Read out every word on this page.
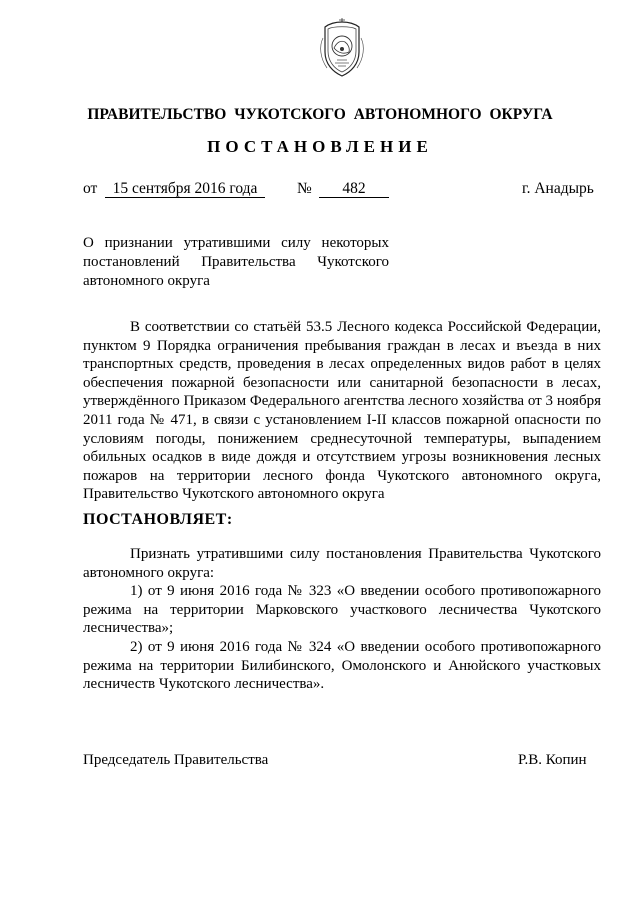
ПРАВИТЕЛЬСТВО ЧУКОТСКОГО АВТОНОМНОГО ОКРУГА
ПОСТАНОВЛЕНИЕ
от 15 сентября 2016 года	№	482	г. Анадырь
О признании утратившими силу некоторых постановлений Правительства Чукотского автономного округа
В соответствии со статьёй 53.5 Лесного кодекса Российской Федерации, пунктом 9 Порядка ограничения пребывания граждан в лесах и въезда в них транспортных средств, проведения в лесах определенных видов работ в целях обеспечения пожарной безопасности или санитарной безопасности в лесах, утверждённого Приказом Федерального агентства лесного хозяйства от 3 ноября 2011 года № 471, в связи с установлением I-II классов пожарной опасности по условиям погоды, понижением среднесуточной температуры, выпадением обильных осадков в виде дождя и отсутствием угрозы возникновения лесных пожаров на территории лесного фонда Чукотского автономного округа, Правительство Чукотского автономного округа
ПОСТАНОВЛЯЕТ:

Признать утратившими силу постановления Правительства Чукотского автономного округа:

1) от 9 июня 2016 года № 323 «О введении особого противопожарного режима на территории Марковского участкового лесничества Чукотского лесничества»;

2) от 9 июня 2016 года № 324 «О введении особого противопожарного режима на территории Билибинского, Омолонского и Анюйского участковых лесничеств Чукотского лесничества».

Председатель Правительства	Р.В. Копин
